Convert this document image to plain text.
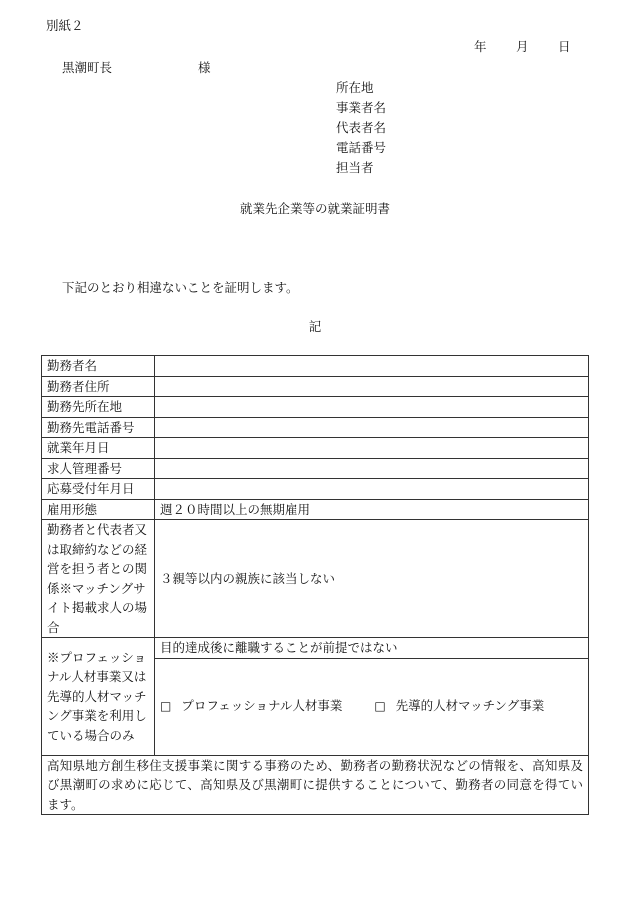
別紙２
年 月 日
黒潮町長	様
所在地
事業者名
代表者名
電話番号
担当者
就業先企業等の就業証明書
下記のとおり相違ないことを証明します。
記
勤務者名	
勤務者住所	
勤務先所在地	
勤務先電話番号	
就業年月日	
求人管理番号	
応募受付年月日	
雇用形態	週２０時間以上の無期雇用
勤務者と代表者又は取締約などの経営を担う者との関係※マッチングサイト掲載求人の場合	３親等以内の親族に該当しない
※プロフェッショナル人材事業又は先導的人材マッチング事業を利用している場合のみ	目的達成後に離職することが前提ではない
	□ プロフェッショナル人材事業 □ 先導的人材マッチング事業
高知県地方創生移住支援事業に関する事務のため、勤務者の勤務状況などの情報を、高知県及び黒潮町の求めに応じて、高知県及び黒潮町に提供することについて、勤務者の同意を得ています。	
